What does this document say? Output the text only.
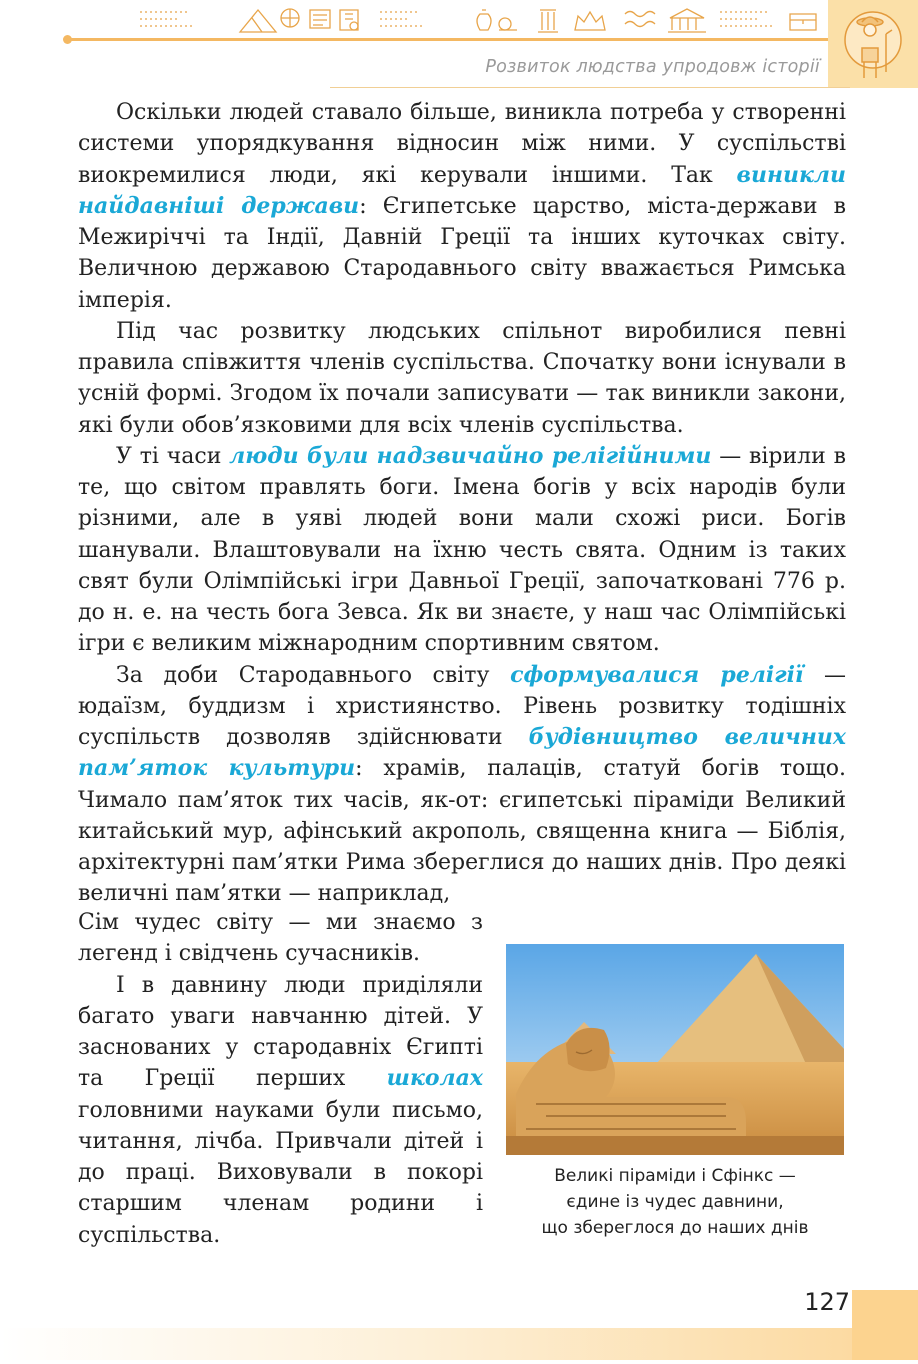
Розвиток людства упродовж історії

Оскільки людей ставало більше, виникла потреба у створенні системи упорядкування відносин між ними. У суспільстві виокремилися люди, які керували іншими. Так виникли найдавніші держави: Єгипетське царство, міста-держави в Межиріччі та Індії, Давній Греції та інших куточках світу. Величною державою Стародавнього світу вважається Римська імперія.

Під час розвитку людських спільнот виробилися певні правила співжиття членів суспільства. Спочатку вони існували в усній формі. Згодом їх почали записувати — так виникли закони, які були обов’язковими для всіх членів суспільства.

У ті часи люди були надзвичайно релігійними — вірили в те, що світом правлять боги. Імена богів у всіх народів були різними, але в уяві людей вони мали схожі риси. Богів шанували. Влаштовували на їхню честь свята. Одним із таких свят були Олімпійські ігри Давньої Греції, започатковані 776 р. до н. е. на честь бога Зевса. Як ви знаєте, у наш час Олімпійські ігри є великим міжнародним спортивним святом.

За доби Стародавнього світу сформувалися релігії — юдаїзм, буддизм і християнство. Рівень розвитку тодішніх суспільств дозволяв здійснювати будівництво величних пам’яток культури: храмів, палаців, статуй богів тощо. Чимало пам’яток тих часів, як-от: єгипетські піраміди Великий китайський мур, афінський акрополь, священна книга — Біблія, архітектурні пам’ятки Рима збереглися до наших днів. Про деякі величні пам’ятки — наприклад,

Сім чудес світу — ми знаємо з легенд і свідчень сучасників.

І в давнину люди приділяли багато уваги навчанню дітей. У заснованих у стародавніх Єгипті та Греції перших школах головними науками були письмо, читання, лічба. Привчали дітей і до праці. Виховували в покорі старшим членам родини і суспільства.

Великі піраміди і Сфінкс —
єдине із чудес давнини,
що збереглося до наших днів
127
